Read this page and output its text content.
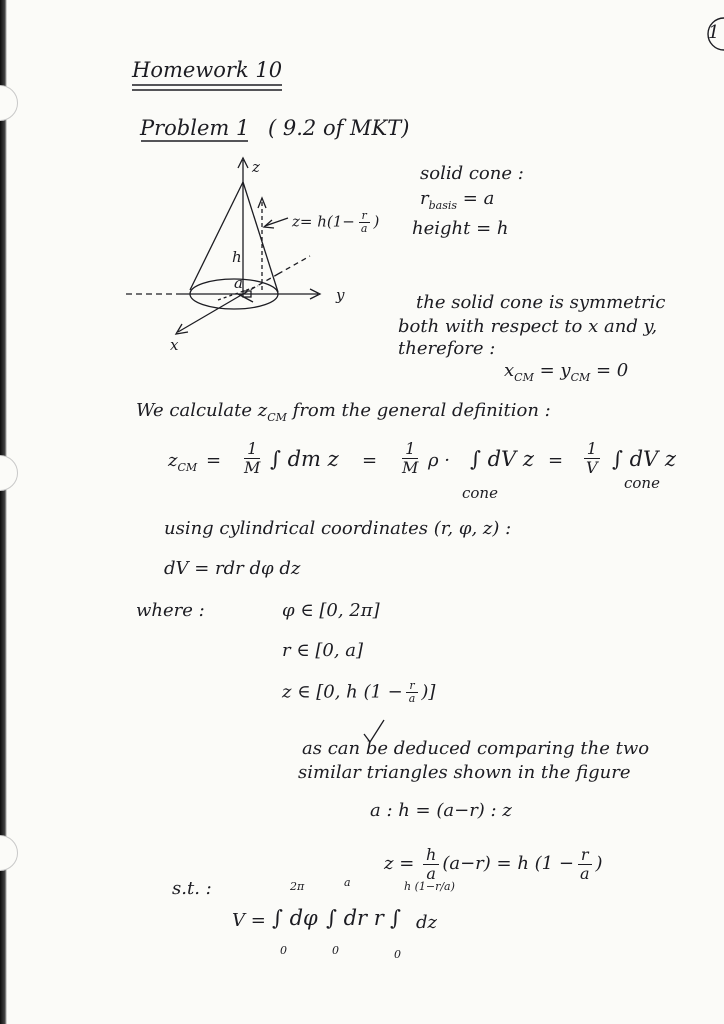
1
Homework 10
Problem 1 ( 9.2 of MKT)
z
y
x
h
a
$z= h(1- \frac{r}{a}$ )
solid cone :
$r_{basis} = a$
height = h
the solid cone is symmetric
both with respect to x and y,
therefore :
$x_{CM} = y_{CM} = 0$
We calculate $z_{CM}$ from the general definition :
$z_{CM} = \frac{1}{M}$ ∫ dm $z = \frac{1}{M}$ ρ · ∫ dV z
cone
= $\frac{1}{V}$ ∫ dV z
cone
using cylindrical coordinates (r, φ, z) :
dV = rdr dφ dz
where :	φ ∈ [0, 2π]
r ∈ [0, a]
z ∈ [0, h ($1 - \frac{r}{a}$ )]
as can be deduced comparing the two
similar triangles shown in the figure
a : h = (a−r) : z
$z = \frac{h}{a} (a-r) = h$ ($1 - \frac{r}{a}$ )
s.t. :	2π	a	h (1−r/a)
V = ∫ dφ ∫ dr r ∫ dz
0	0	0
